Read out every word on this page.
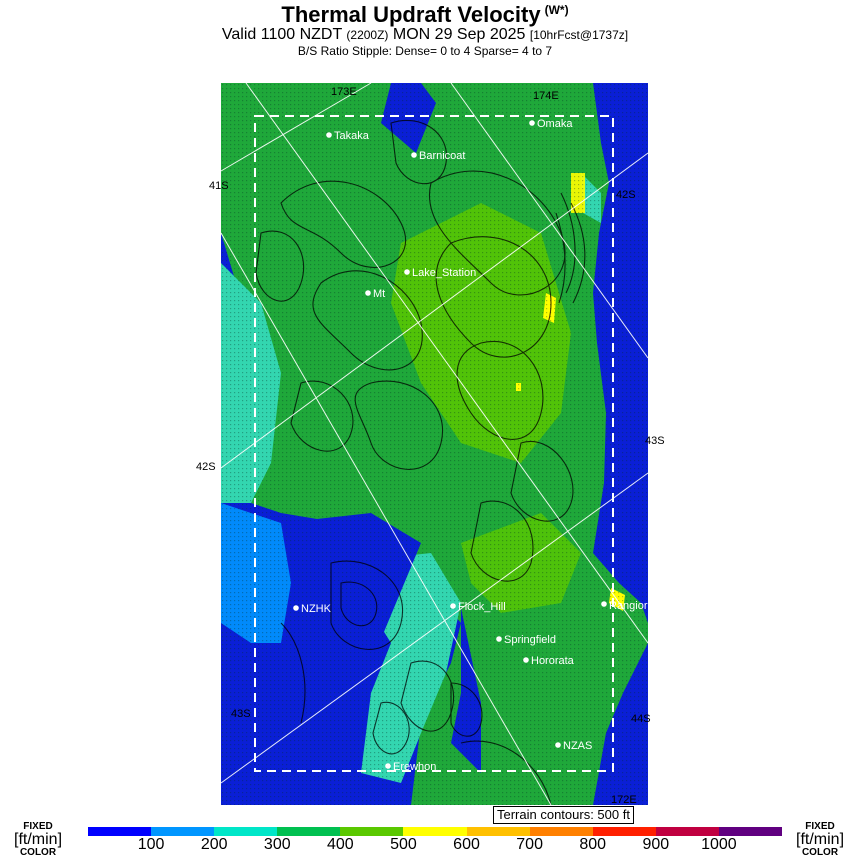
Thermal Updraft Velocity $^{(W*)}$
Valid 1100 NZDT (2200Z) MON 29 Sep 2025 [10hrFcst@1737z]
B/S Ratio Stipple: Dense= 0 to 4 Sparse= 4 to 7
Takaka
Omaka
Barnicoat
Lake_Station
Mt
NZHK	Flock_Hill
Springfield
Hororata
NZAS
Erewhon
Rangiora
173E	174E
172E
43S	44S
41S
42S
42S
43S
Terrain contours: 500 ft
FIXED
[ft/min]
COLOR
FIXED
[ft/min]
COLOR
100 200 300 400 500 600 700 800 900 1000
